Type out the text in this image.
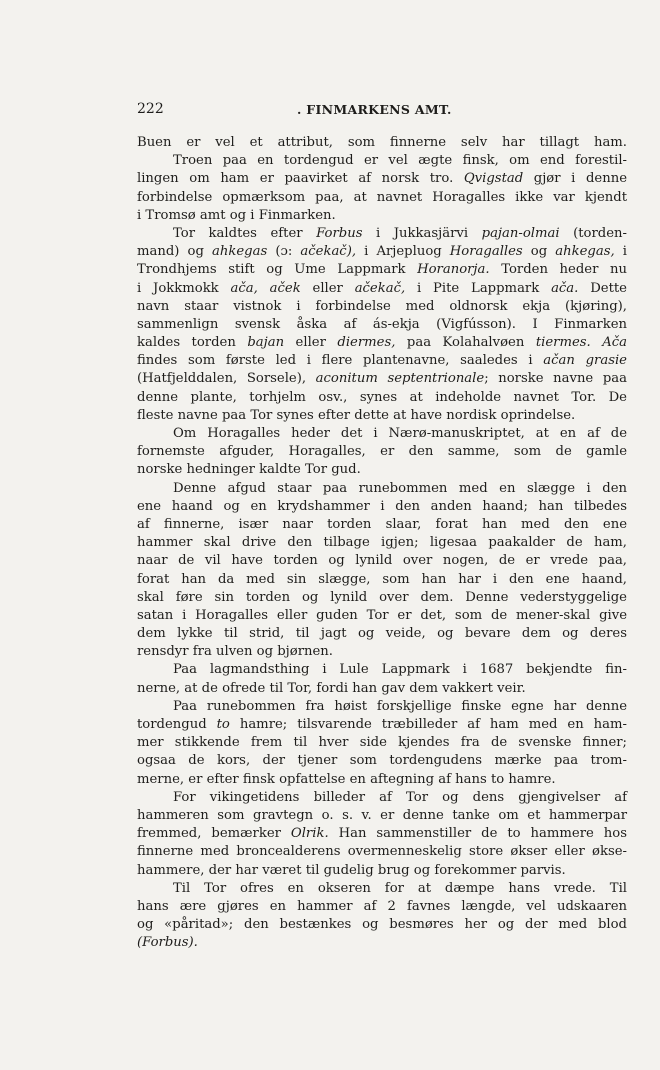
222	. FINMARKENS AMT.
Buen er vel et attribut, som finnerne selv har tillagt ham.
Troen paa en tordengud er vel ægte finsk, om end forestil-
lingen om ham er paavirket af norsk tro. Qvigstad gjør i denne
forbindelse opmærksom paa, at navnet Horagalles ikke var kjendt
i Tromsø amt og i Finmarken.
Tor kaldtes efter Forbus i Jukkasjärvi pajan-olmai (torden-
mand) og ahkegas (ɔ: ačekač), i Arjepluog Horagalles og ahkegas, i
Trondhjems stift og Ume Lappmark Horanorja. Torden heder nu
i Jokkmokk ača, aček eller ačekač, i Pite Lappmark ača. Dette
navn staar vistnok i forbindelse med oldnorsk ekja (kjøring),
sammenlign svensk åska af ás-ekja (Vigfússon). I Finmarken
kaldes torden bajan eller diermes, paa Kolahalvøen tiermes. Ača
findes som første led i flere plantenavne, saaledes i ačan grasie
(Hatfjelddalen, Sorsele), aconitum septentrionale; norske navne paa
denne plante, torhjelm osv., synes at indeholde navnet Tor. De
fleste navne paa Tor synes efter dette at have nordisk oprindelse.
Om Horagalles heder det i Nærø-manuskriptet, at en af de
fornemste afguder, Horagalles, er den samme, som de gamle
norske hedninger kaldte Tor gud.
Denne afgud staar paa runebommen med en slægge i den
ene haand og en krydshammer i den anden haand; han tilbedes
af finnerne, især naar torden slaar, forat han med den ene
hammer skal drive den tilbage igjen; ligesaa paakalder de ham,
naar de vil have torden og lynild over nogen, de er vrede paa,
forat han da med sin slægge, som han har i den ene haand,
skal føre sin torden og lynild over dem. Denne vederstyggelige
satan i Horagalles eller guden Tor er det, som de mener-skal give
dem lykke til strid, til jagt og veide, og bevare dem og deres
rensdyr fra ulven og bjørnen.
Paa lagmandsthing i Lule Lappmark i 1687 bekjendte fin-
nerne, at de ofrede til Tor, fordi han gav dem vakkert veir.
Paa runebommen fra høist forskjellige finske egne har denne
tordengud to hamre; tilsvarende træbilleder af ham med en ham-
mer stikkende frem til hver side kjendes fra de svenske finner;
ogsaa de kors, der tjener som tordengudens mærke paa trom-
merne, er efter finsk opfattelse en aftegning af hans to hamre.
For vikingetidens billeder af Tor og dens gjengivelser af
hammeren som gravtegn o. s. v. er denne tanke om et hammerpar
fremmed, bemærker Olrik. Han sammenstiller de to hammere hos
finnerne med broncealderens overmenneskelig store økser eller økse-
hammere, der har været til gudelig brug og forekommer parvis.
Til Tor ofres en okseren for at dæmpe hans vrede. Til
hans ære gjøres en hammer af 2 favnes længde, vel udskaaren
og «påritad»; den bestænkes og besmøres her og der med blod
(Forbus).
